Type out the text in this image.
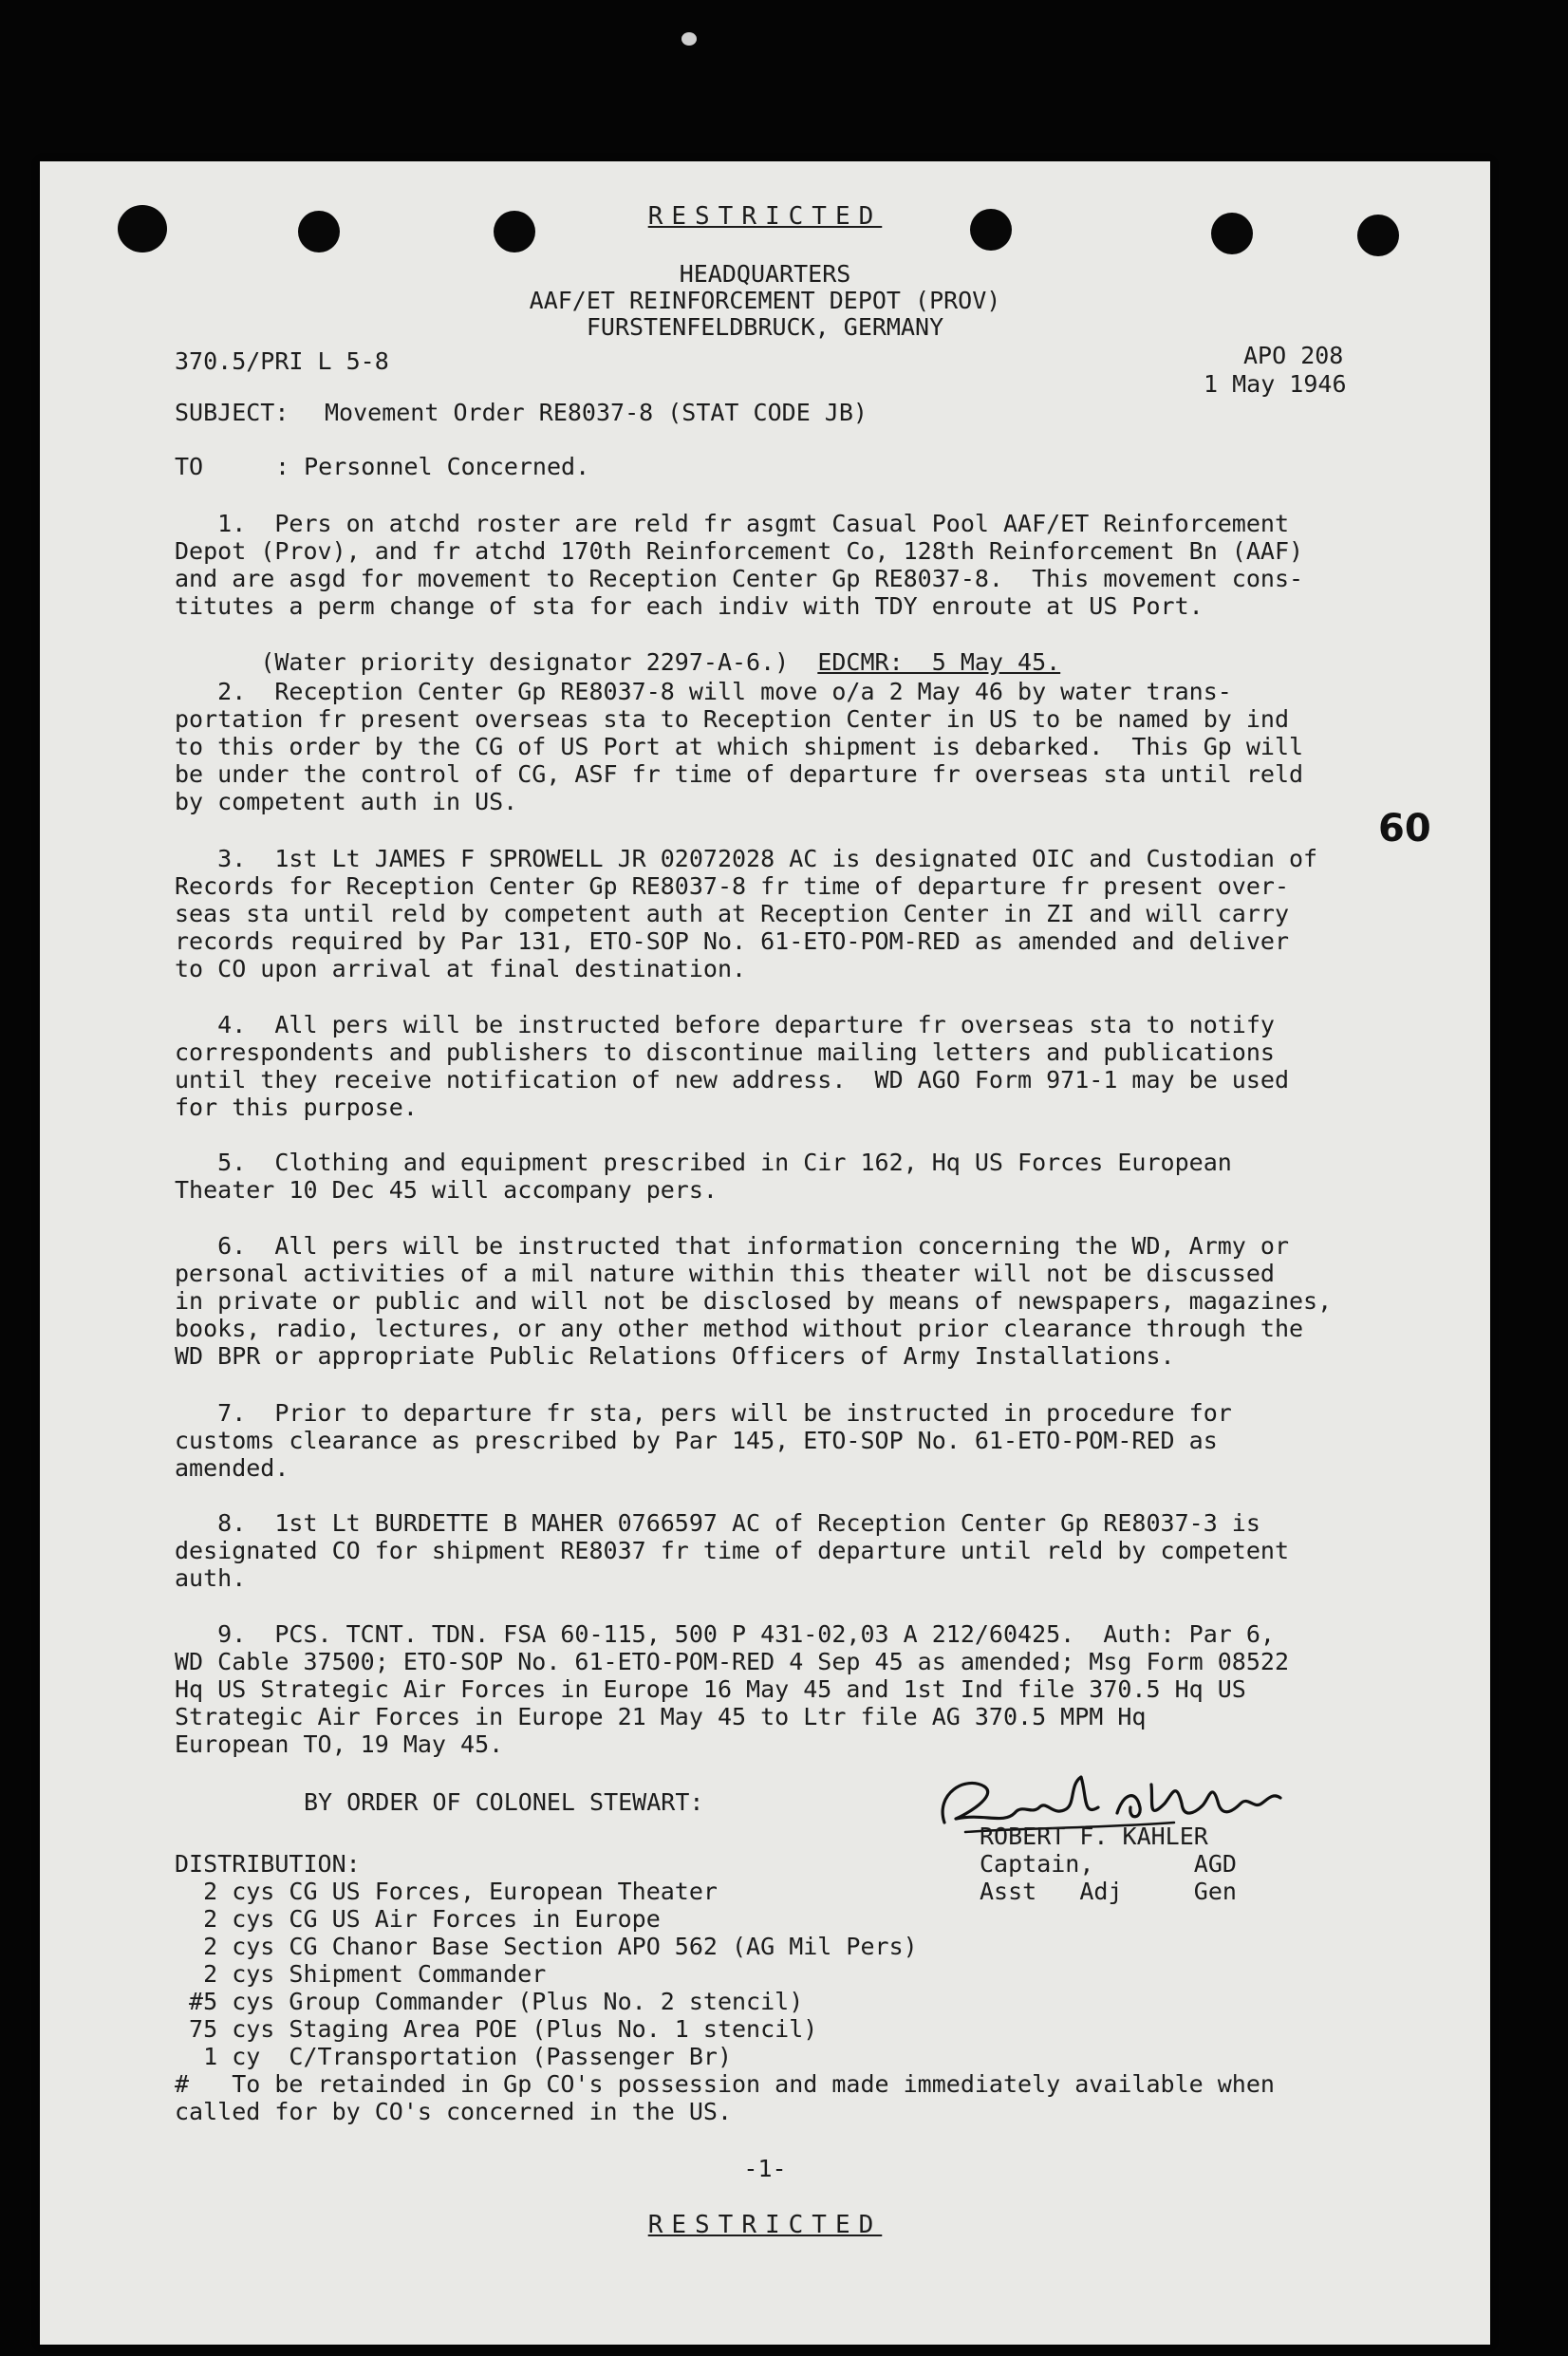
RESTRICTED
HEADQUARTERS
AAF/ET REINFORCEMENT DEPOT (PROV)
FURSTENFELDBRUCK, GERMANY
370.5/PRI L 5-8	APO 208
1 May 1946
SUBJECT: Movement Order RE8037-8 (STAT CODE JB)
TO	: Personnel Concerned.
1.  Pers on atchd roster are reld fr asgmt Casual Pool AAF/ET Reinforcement
Depot (Prov), and fr atchd 170th Reinforcement Co, 128th Reinforcement Bn (AAF)
and are asgd for movement to Reception Center Gp RE8037-8.  This movement cons-
titutes a perm change of sta for each indiv with TDY enroute at US Port.

(Water priority designator 2297-A-6.)  EDCMR:  5 May 45.

2.  Reception Center Gp RE8037-8 will move o/a 2 May 46 by water trans-
portation fr present overseas sta to Reception Center in US to be named by ind
to this order by the CG of US Port at which shipment is debarked.  This Gp will
be under the control of CG, ASF fr time of departure fr overseas sta until reld
by competent auth in US.
60
3.  1st Lt JAMES F SPROWELL JR 02072028 AC is designated OIC and Custodian of
Records for Reception Center Gp RE8037-8 fr time of departure fr present over-
seas sta until reld by competent auth at Reception Center in ZI and will carry
records required by Par 131, ETO-SOP No. 61-ETO-POM-RED as amended and deliver
to CO upon arrival at final destination.
4.  All pers will be instructed before departure fr overseas sta to notify
correspondents and publishers to discontinue mailing letters and publications
until they receive notification of new address.  WD AGO Form 971-1 may be used
for this purpose.
5.  Clothing and equipment prescribed in Cir 162, Hq US Forces European
Theater 10 Dec 45 will accompany pers.
6.  All pers will be instructed that information concerning the WD, Army or
personal activities of a mil nature within this theater will not be discussed
in private or public and will not be disclosed by means of newspapers, magazines,
books, radio, lectures, or any other method without prior clearance through the
WD BPR or appropriate Public Relations Officers of Army Installations.
7.  Prior to departure fr sta, pers will be instructed in procedure for
customs clearance as prescribed by Par 145, ETO-SOP No. 61-ETO-POM-RED as
amended.
8.  1st Lt BURDETTE B MAHER 0766597 AC of Reception Center Gp RE8037-3 is
designated CO for shipment RE8037 fr time of departure until reld by competent
auth.
9.  PCS. TCNT. TDN. FSA 60-115, 500 P 431-02,03 A 212/60425.  Auth: Par 6,
WD Cable 37500; ETO-SOP No. 61-ETO-POM-RED 4 Sep 45 as amended; Msg Form 08522
Hq US Strategic Air Forces in Europe 16 May 45 and 1st Ind file 370.5 Hq US
Strategic Air Forces in Europe 21 May 45 to Ltr file AG 370.5 MPM Hq
European TO, 19 May 45.
BY ORDER OF COLONEL STEWART:
ROBERT F. KAHLER
Captain,       AGD
Asst   Adj     Gen
DISTRIBUTION:
2 cys CG US Forces, European Theater
2 cys CG US Air Forces in Europe
2 cys CG Chanor Base Section APO 562 (AG Mil Pers)
2 cys Shipment Commander
#5 cys Group Commander (Plus No. 2 stencil)
75 cys Staging Area POE (Plus No. 1 stencil)
1 cy  C/Transportation (Passenger Br)
#   To be retainded in Gp CO's possession and made immediately available when
called for by CO's concerned in the US.
-1-
RESTRICTED
